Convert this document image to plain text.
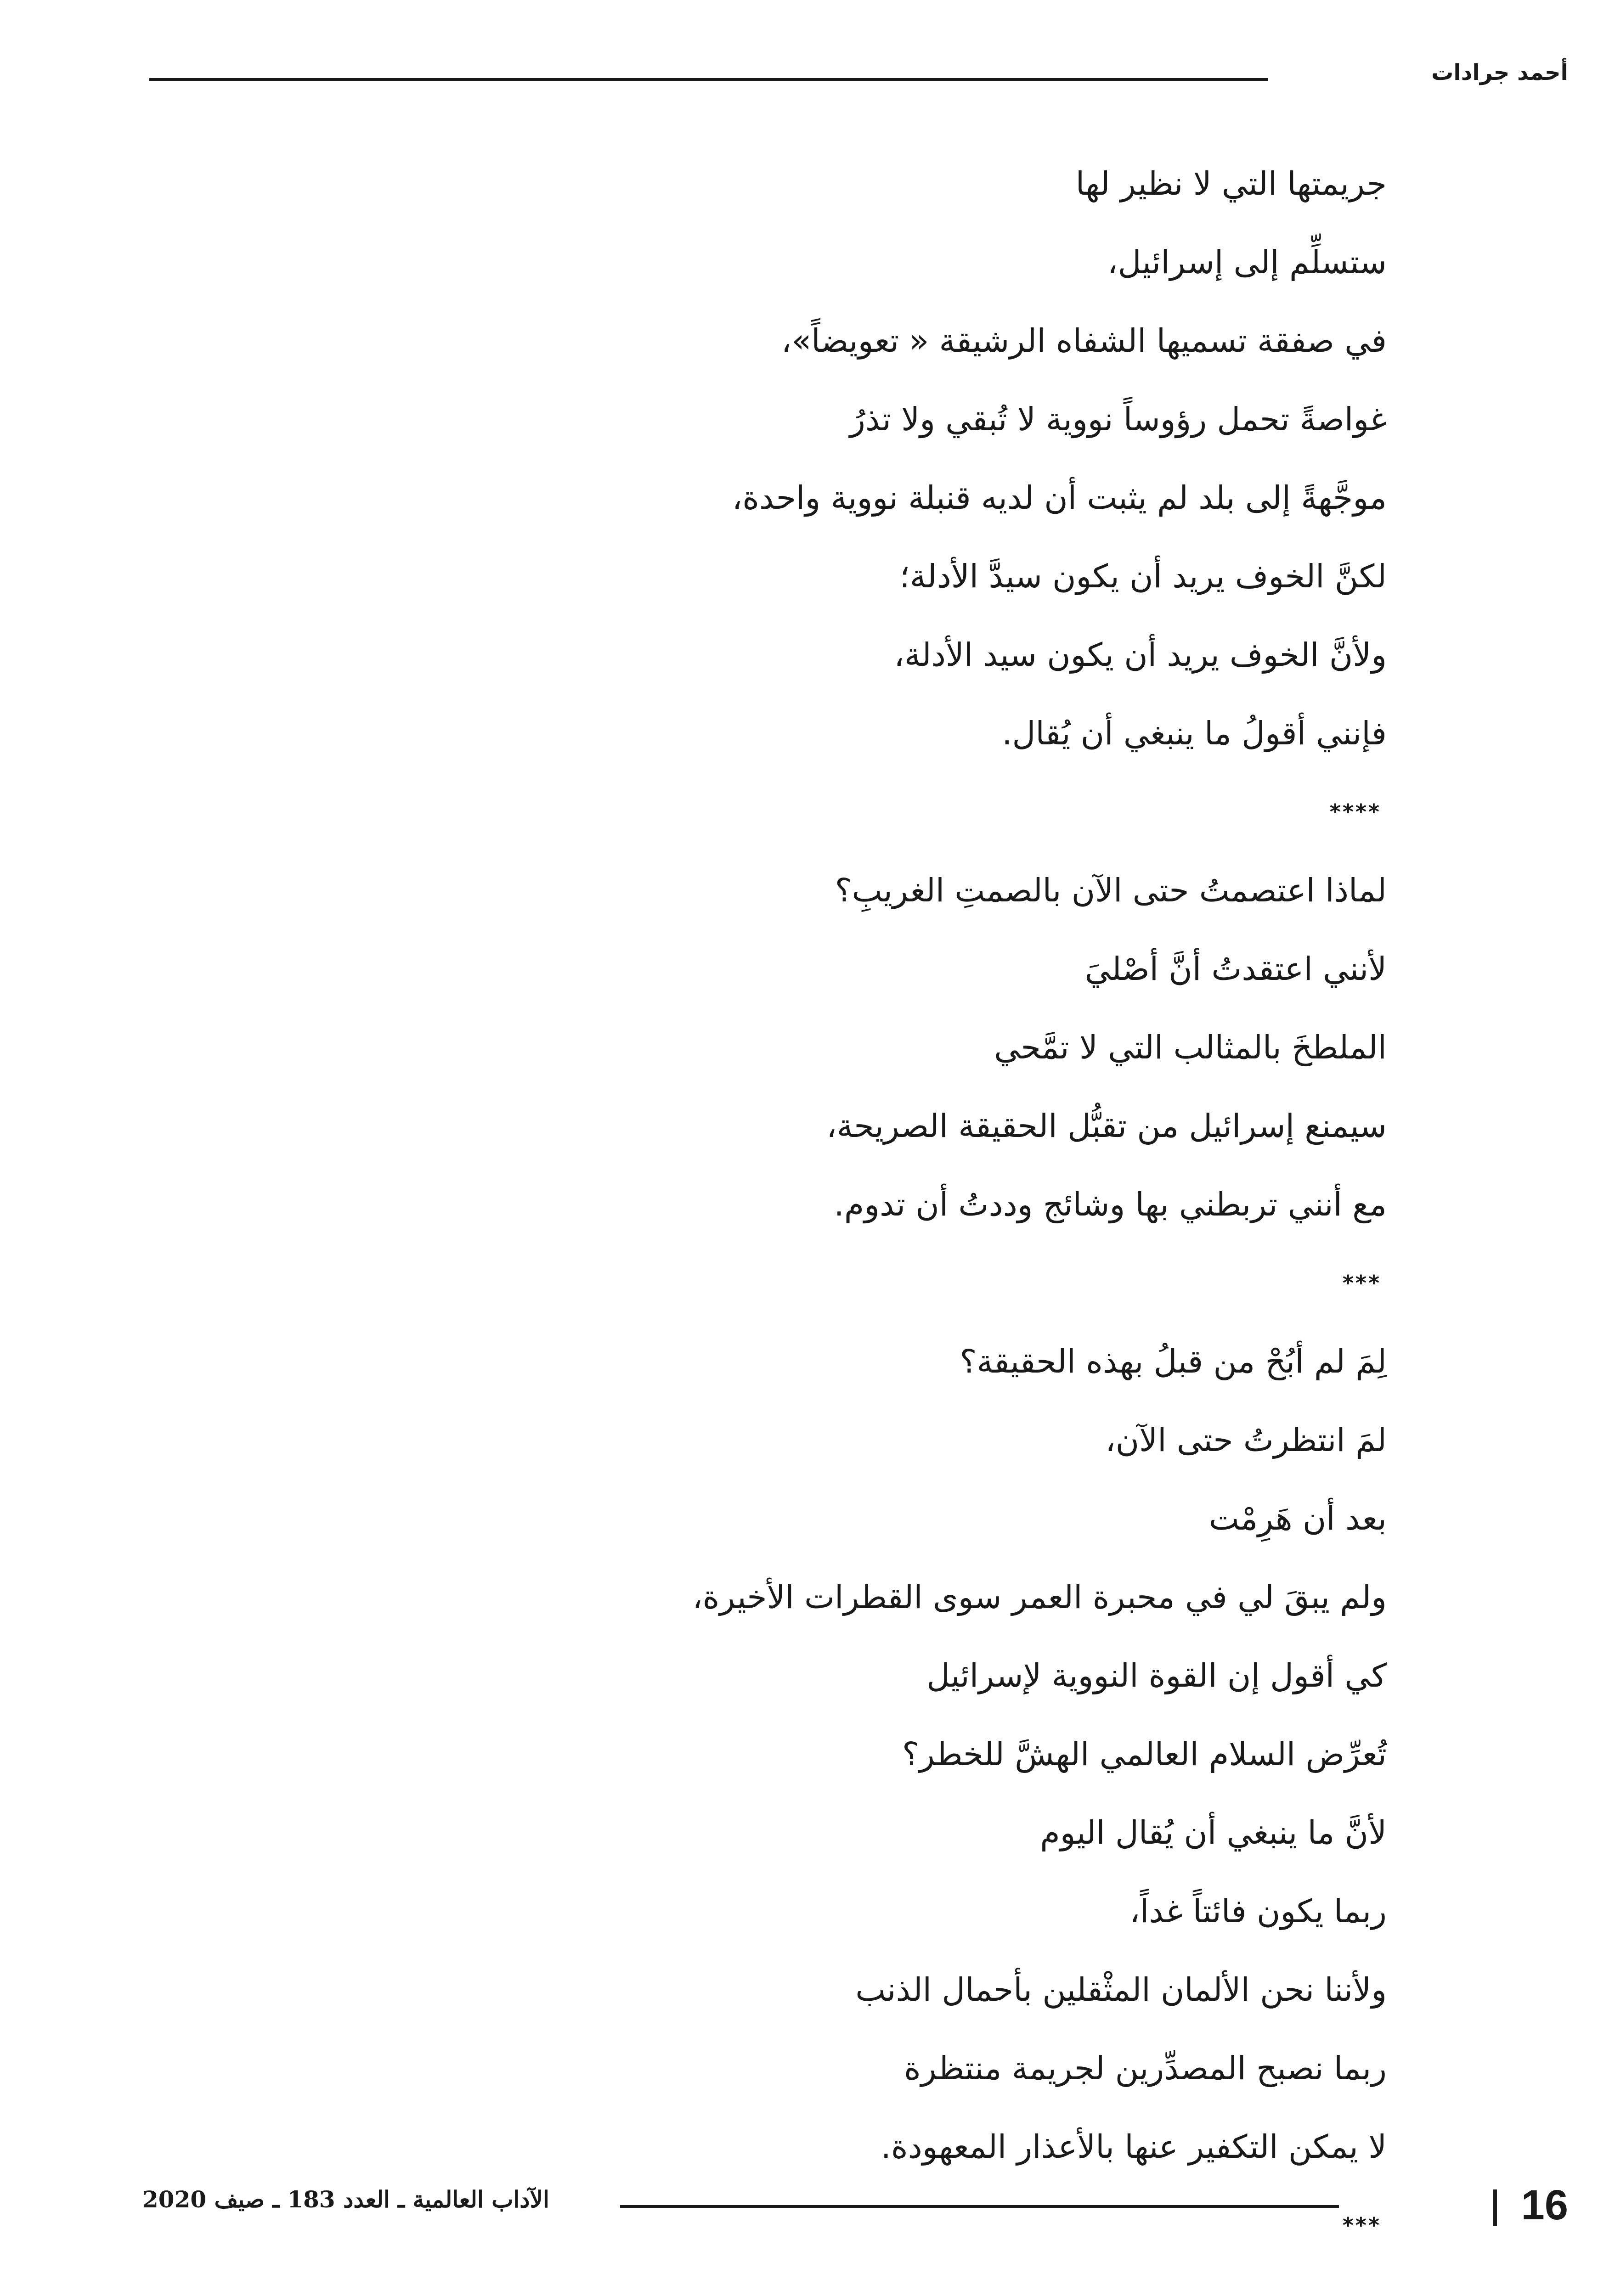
أحمد جرادات
جريمتها التي لا نظير لها
ستسلِّم إلى إسرائيل،
في صفقة تسميها الشفاه الرشيقة « تعويضاً»،
غواصةً تحمل رؤوساً نووية لا تُبقي ولا تذرُ
موجَّهةً إلى بلد لم يثبت أن لديه قنبلة نووية واحدة،
لكنَّ الخوف يريد أن يكون سيدَّ الأدلة؛
ولأنَّ الخوف يريد أن يكون سيد الأدلة،
فإنني أقولُ ما ينبغي أن يُقال.
****
لماذا اعتصمتُ حتى الآن بالصمتِ الغريبِ؟
لأنني اعتقدتُ أنَّ أصْليَ
الملطخَ بالمثالب التي لا تمَّحي
سيمنع إسرائيل من تقبُّل الحقيقة الصريحة،
مع أنني تربطني بها وشائج وددتُ أن تدوم.
***
لِمَ لم أبُحْ من قبلُ بهذه الحقيقة؟
لمَ انتظرتُ حتى الآن،
بعد أن هَرِمْت
ولم يبقَ لي في محبرة العمر سوى القطرات الأخيرة،
كي أقول إن القوة النووية لإسرائيل
تُعرِّض السلام العالمي الهشَّ للخطر؟
لأنَّ ما ينبغي أن يُقال اليوم
ربما يكون فائتاً غداً،
ولأننا نحن الألمان المثْقلين بأحمال الذنب
ربما نصبح المصدِّرين لجريمة منتظرة
لا يمكن التكفير عنها بالأعذار المعهودة.
***	16
الآداب العالمية ـ العدد 183 ـ صيف 2020
